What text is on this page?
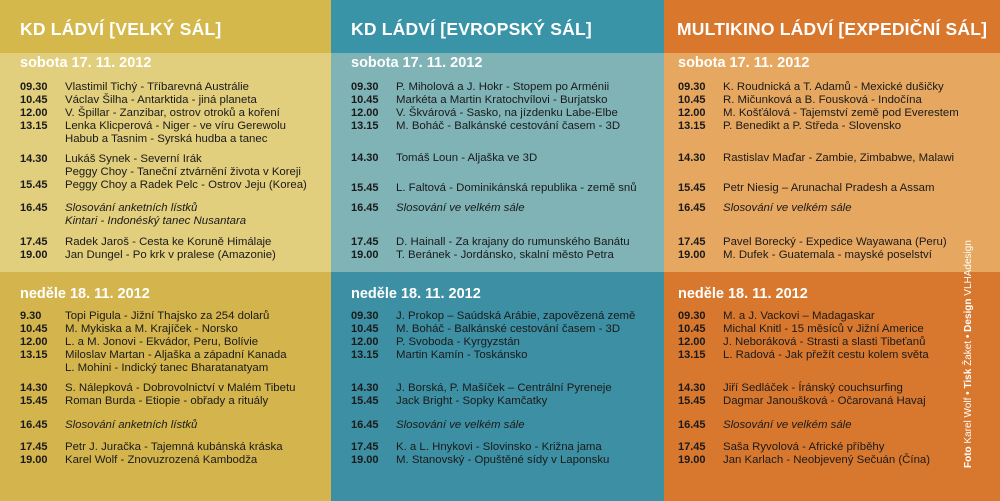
KD LÁDVÍ [VELKÝ SÁL]
sobota 17. 11. 2012
09.30	Vlastimil Tichý - Tříbarevná Austrálie
10.45	Václav Šilha - Antarktida - jiná planeta
12.00	V. Špillar - Zanzibar, ostrov otroků a koření
13.15	Lenka Klicperová - Niger - ve víru Gerewolu
Habub a Tasnim - Syrská hudba a tanec
14.30	Lukáš Synek - Severní Irák
Peggy Choy - Taneční ztvárnění života v Koreji
15.45	Peggy Choy a Radek Pelc - Ostrov Jeju (Korea)
16.45	Slosování anketních lístků
Kintari - Indonéský tanec Nusantara
17.45	Radek Jaroš - Cesta ke Koruně Himálaje
19.00	Jan Dungel - Po krk v pralese (Amazonie)
neděle 18. 11. 2012
9.30	Topi Pigula - Jižní Thajsko za 254 dolarů
10.45	M. Mykiska a M. Krajíček - Norsko
12.00	L. a M. Jonovi - Ekvádor, Peru, Bolívie
13.15	Miloslav Martan - Aljaška a západní Kanada
L. Mohini - Indický tanec Bharatanatyam
14.30	S. Nálepková - Dobrovolnictví v Malém Tibetu
15.45	Roman Burda - Etiopie - obřady a rituály
16.45	Slosování anketních lístků
17.45	Petr J. Juračka - Tajemná kubánská kráska
19.00	Karel Wolf - Znovuzrozená Kambodža
KD LÁDVÍ [EVROPSKÝ SÁL]
sobota 17. 11. 2012
09.30	P. Miholová a J. Hokr - Stopem po Arménii
10.45	Markéta a Martin Kratochvílovi - Burjatsko
12.00	V. Škvárová - Sasko, na jízdenku Labe-Elbe
13.15	M. Boháč - Balkánské cestování časem - 3D
14.30	Tomáš Loun - Aljaška ve 3D
15.45	L. Faltová - Dominikánská republika - země snů
16.45	Slosování ve velkém sále
17.45	D. Hainall - Za krajany do rumunského Banátu
19.00	T. Beránek - Jordánsko, skalní město Petra
neděle 18. 11. 2012
09.30	J. Prokop – Saúdská Arábie, zapovězená země
10.45	M. Boháč - Balkánské cestování časem - 3D
12.00	P. Svoboda - Kyrgyzstán
13.15	Martin Kamín - Toskánsko
14.30	J. Borská, P. Mašíček – Centrální Pyreneje
15.45	Jack Bright - Sopky Kamčatky
16.45	Slosování ve velkém sále
17.45	K. a L. Hnykovi - Slovinsko - Križna jama
19.00	M. Stanovský - Opuštěné sídy v Laponsku
MULTIKINO LÁDVÍ [EXPEDIČNÍ SÁL]
sobota 17. 11. 2012
09.30	K. Roudnická a T. Adamů - Mexické dušičky
10.45	R. Mičunková a B. Fousková - Indočína
12.00	M. Košťálová - Tajemství země pod Everestem
13.15	P. Benedikt a P. Středa - Slovensko
14.30	Rastislav Maďar - Zambie, Zimbabwe, Malawi
15.45	Petr Niesig – Arunachal Pradesh a Assam
16.45	Slosování ve velkém sále
17.45	Pavel Borecký - Expedice Wayawana (Peru)
19.00	M. Dufek - Guatemala - mayské poselství
neděle 18. 11. 2012
09.30	M. a J. Vackovi – Madagaskar
10.45	Michal Knitl - 15 měsíců v Jižní Americe
12.00	J. Neboráková - Strasti a slasti Tibeťanů
13.15	L. Radová - Jak přežít cestu kolem světa
14.30	Jiří Sedláček - Íránský couchsurfing
15.45	Dagmar Janoušková - Očarovaná Havaj
16.45	Slosování ve velkém sále
17.45	Saša Ryvolová - Africké příběhy
19.00	Jan Karlach - Neobjevený Sečuán (Čína)	Foto Karel Wolf • Tisk Žaket • Design VLHAdesign
